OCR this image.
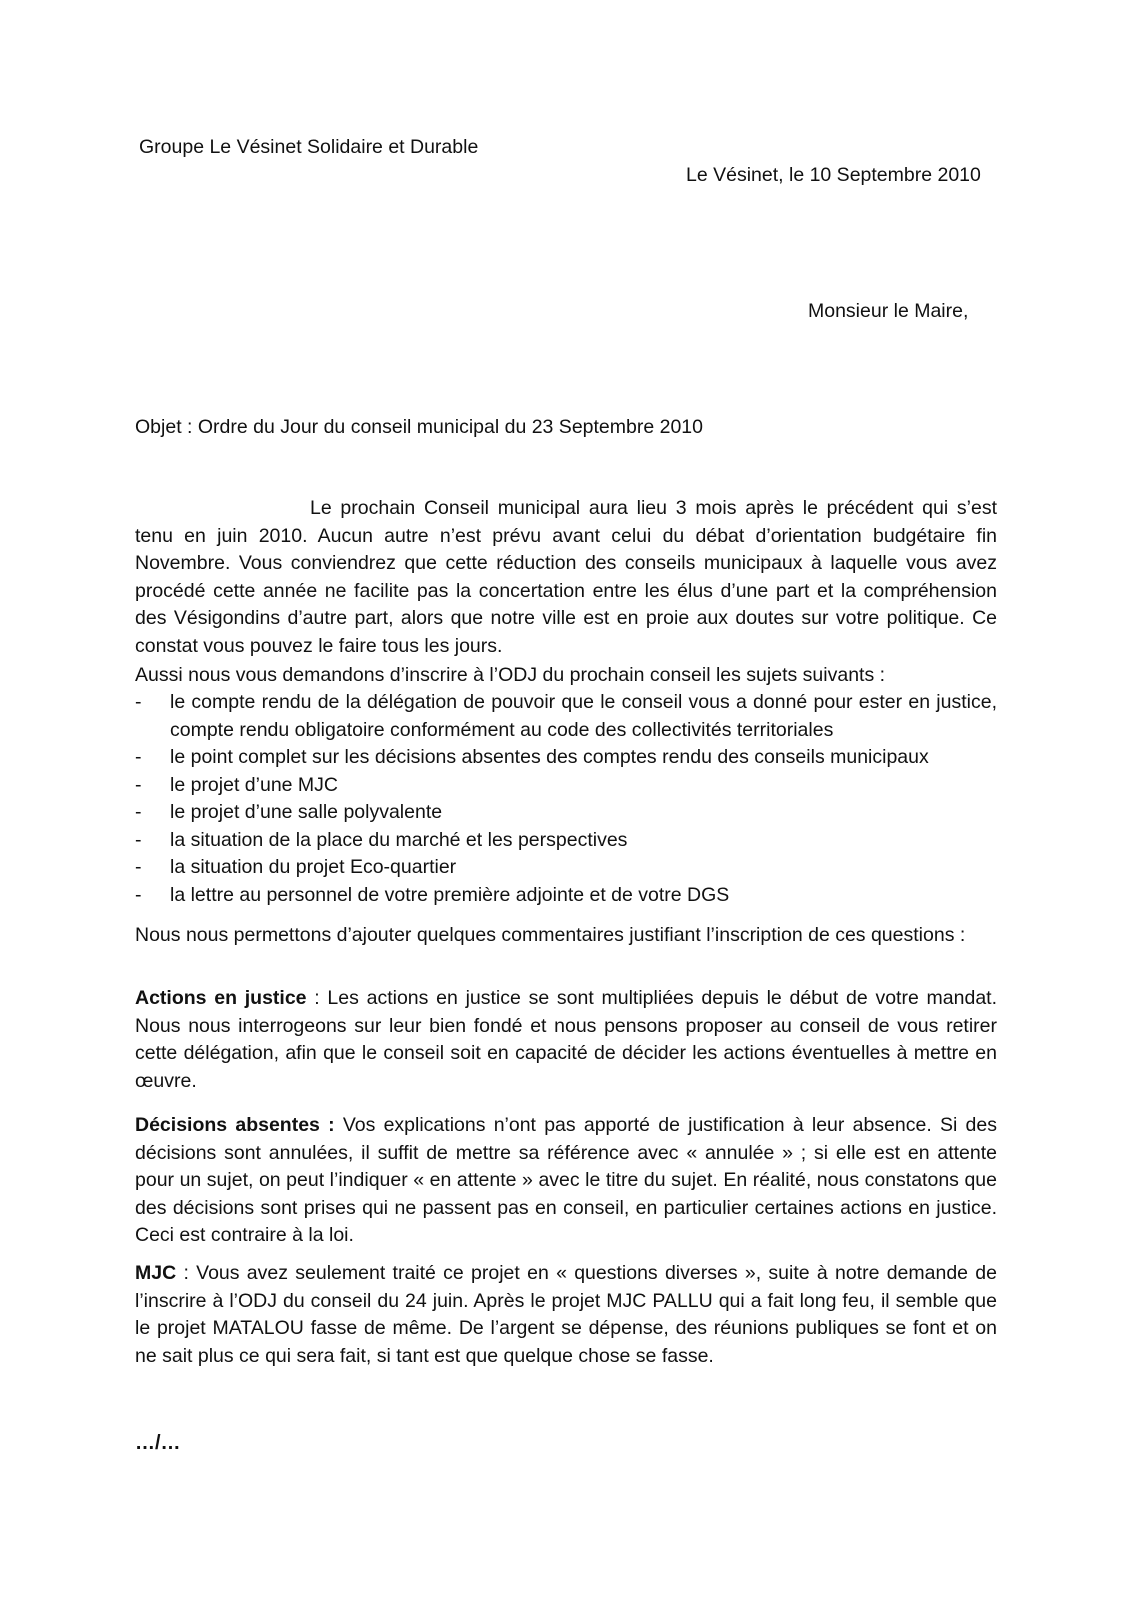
Groupe Le Vésinet Solidaire et Durable
Le Vésinet, le 10 Septembre 2010
Monsieur le Maire,
Objet : Ordre du Jour du conseil municipal du 23 Septembre 2010
Le prochain Conseil municipal aura lieu 3 mois après le précédent qui s’est tenu en juin 2010. Aucun autre n’est prévu avant celui du débat d’orientation budgétaire fin Novembre. Vous conviendrez que cette réduction des conseils municipaux à laquelle vous avez procédé cette année ne facilite pas la concertation entre les élus d’une part et la compréhension des Vésigondins d’autre part, alors que notre ville est en proie aux doutes sur votre politique. Ce constat vous pouvez le faire tous les jours.
Aussi nous vous demandons d’inscrire à l’ODJ du prochain conseil les sujets suivants :
- le compte rendu de la délégation de pouvoir que le conseil vous a donné pour ester en justice, compte rendu obligatoire conformément au code des collectivités territoriales
- le point complet sur les décisions absentes des comptes rendu des conseils municipaux
- le projet d’une MJC
- le projet d’une salle polyvalente
- la situation de la place du marché et les perspectives
- la situation du projet Eco-quartier
- la lettre au personnel de votre première adjointe et de votre DGS
Nous nous permettons d’ajouter quelques commentaires justifiant l’inscription de ces questions :
Actions en justice : Les actions en justice se sont multipliées depuis le début de votre mandat. Nous nous interrogeons sur leur bien fondé et nous pensons proposer au conseil de vous retirer cette délégation, afin que le conseil soit en capacité de décider les actions éventuelles à mettre en œuvre.
Décisions absentes : Vos explications n’ont pas apporté de justification à leur absence. Si des décisions sont annulées, il suffit de mettre sa référence avec « annulée » ; si elle est en attente pour un sujet, on peut l’indiquer « en attente » avec le titre du sujet. En réalité, nous constatons que des décisions sont prises qui ne passent pas en conseil, en particulier certaines actions en justice. Ceci est contraire à la loi.
MJC : Vous avez seulement traité ce projet en « questions diverses », suite à notre demande de l’inscrire à l’ODJ du conseil du 24 juin. Après le projet MJC PALLU qui a fait long feu, il semble que le projet MATALOU fasse de même. De l’argent se dépense, des réunions publiques se font et on ne sait plus ce qui sera fait, si tant est que quelque chose se fasse.
…/…
